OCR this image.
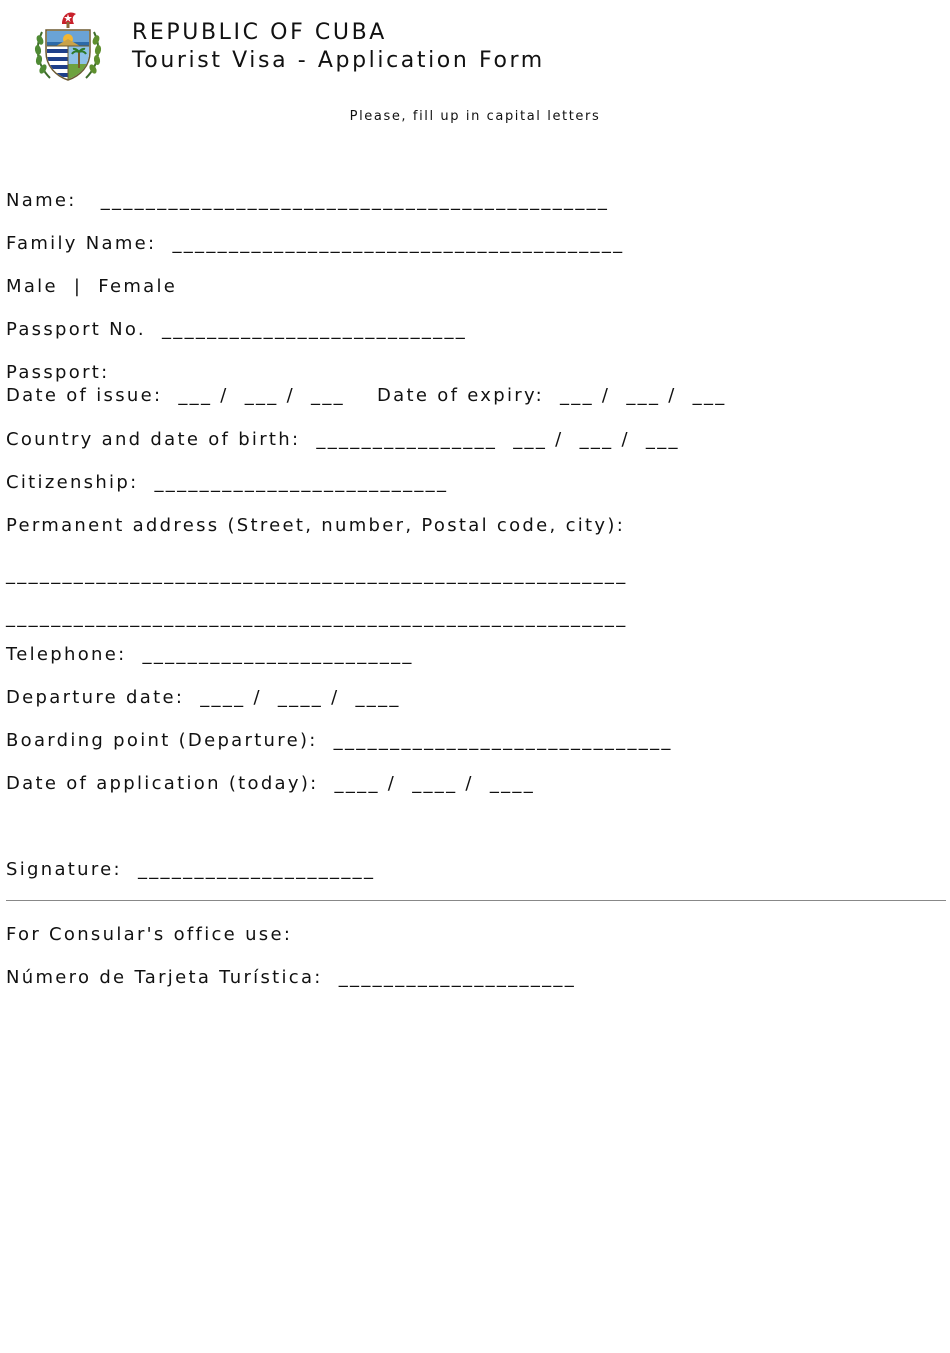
REPUBLIC OF CUBA
Tourist Visa - Application Form
Please, fill up in capital letters
Name:   _____________________________________________
Family Name:  ________________________________________
Male  |  Female
Passport No.  ___________________________
Passport:
Date of issue:  ___ /  ___ /  ___    Date of expiry:  ___ /  ___ /  ___
Country and date of birth:  ________________  ___ /  ___ /  ___
Citizenship:  __________________________
Permanent address (Street, number, Postal code, city):
_______________________________________________________
_______________________________________________________
Telephone:  ________________________
Departure date:  ____ /  ____ /  ____
Boarding point (Departure):  ______________________________
Date of application (today):  ____ /  ____ /  ____
Signature:  _____________________
For Consular's office use:
Número de Tarjeta Turística:  _____________________
